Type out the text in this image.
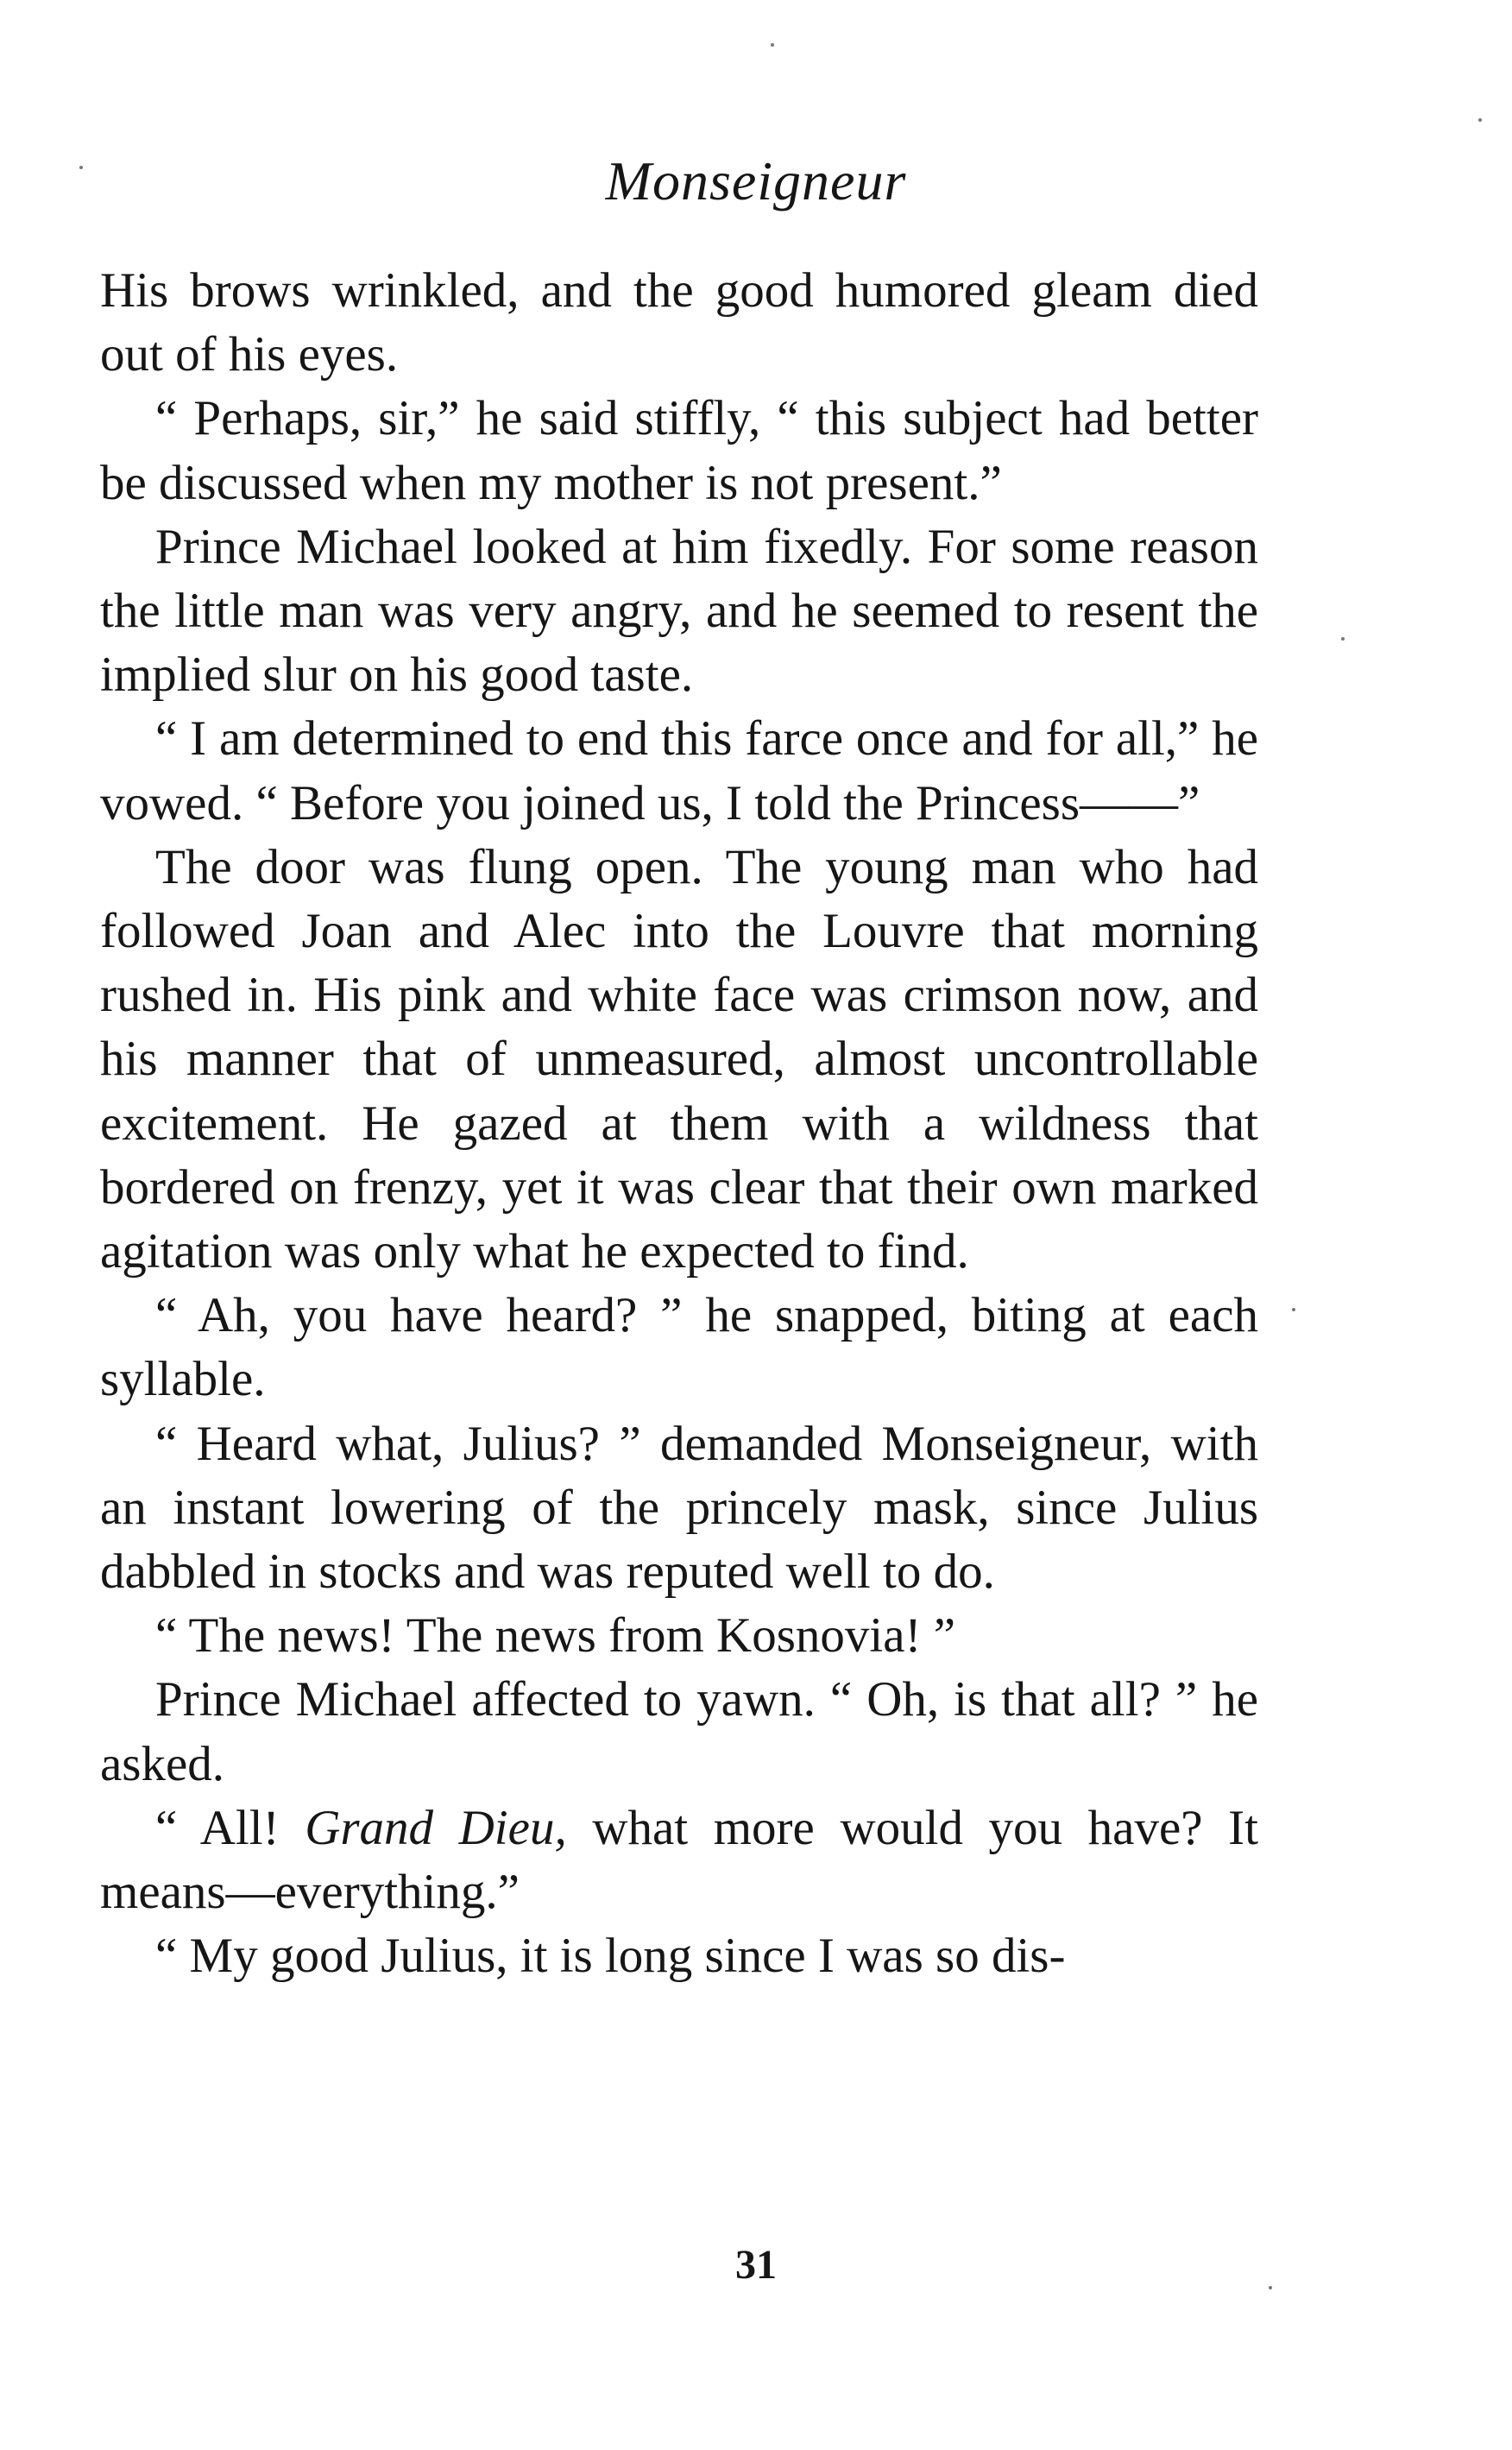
Monseigneur

His brows wrinkled, and the good humored gleam died out of his eyes.

“ Perhaps, sir,” he said stiffly, “ this subject had better be discussed when my mother is not present.”

Prince Michael looked at him fixedly. For some reason the little man was very angry, and he seemed to resent the implied slur on his good taste.

“ I am determined to end this farce once and for all,” he vowed. “ Before you joined us, I told the Princess——”

The door was flung open. The young man who had followed Joan and Alec into the Louvre that morning rushed in. His pink and white face was crimson now, and his manner that of unmeasured, almost uncontrollable excitement. He gazed at them with a wildness that bordered on frenzy, yet it was clear that their own marked agitation was only what he expected to find.

“ Ah, you have heard? ” he snapped, biting at each syllable.

“ Heard what, Julius? ” demanded Monseigneur, with an instant lowering of the princely mask, since Julius dabbled in stocks and was reputed well to do.

“ The news! The news from Kosnovia! ”

Prince Michael affected to yawn. “ Oh, is that all? ” he asked.

“ All! Grand Dieu, what more would you have? It means—everything.”

“ My good Julius, it is long since I was so dis-

31
